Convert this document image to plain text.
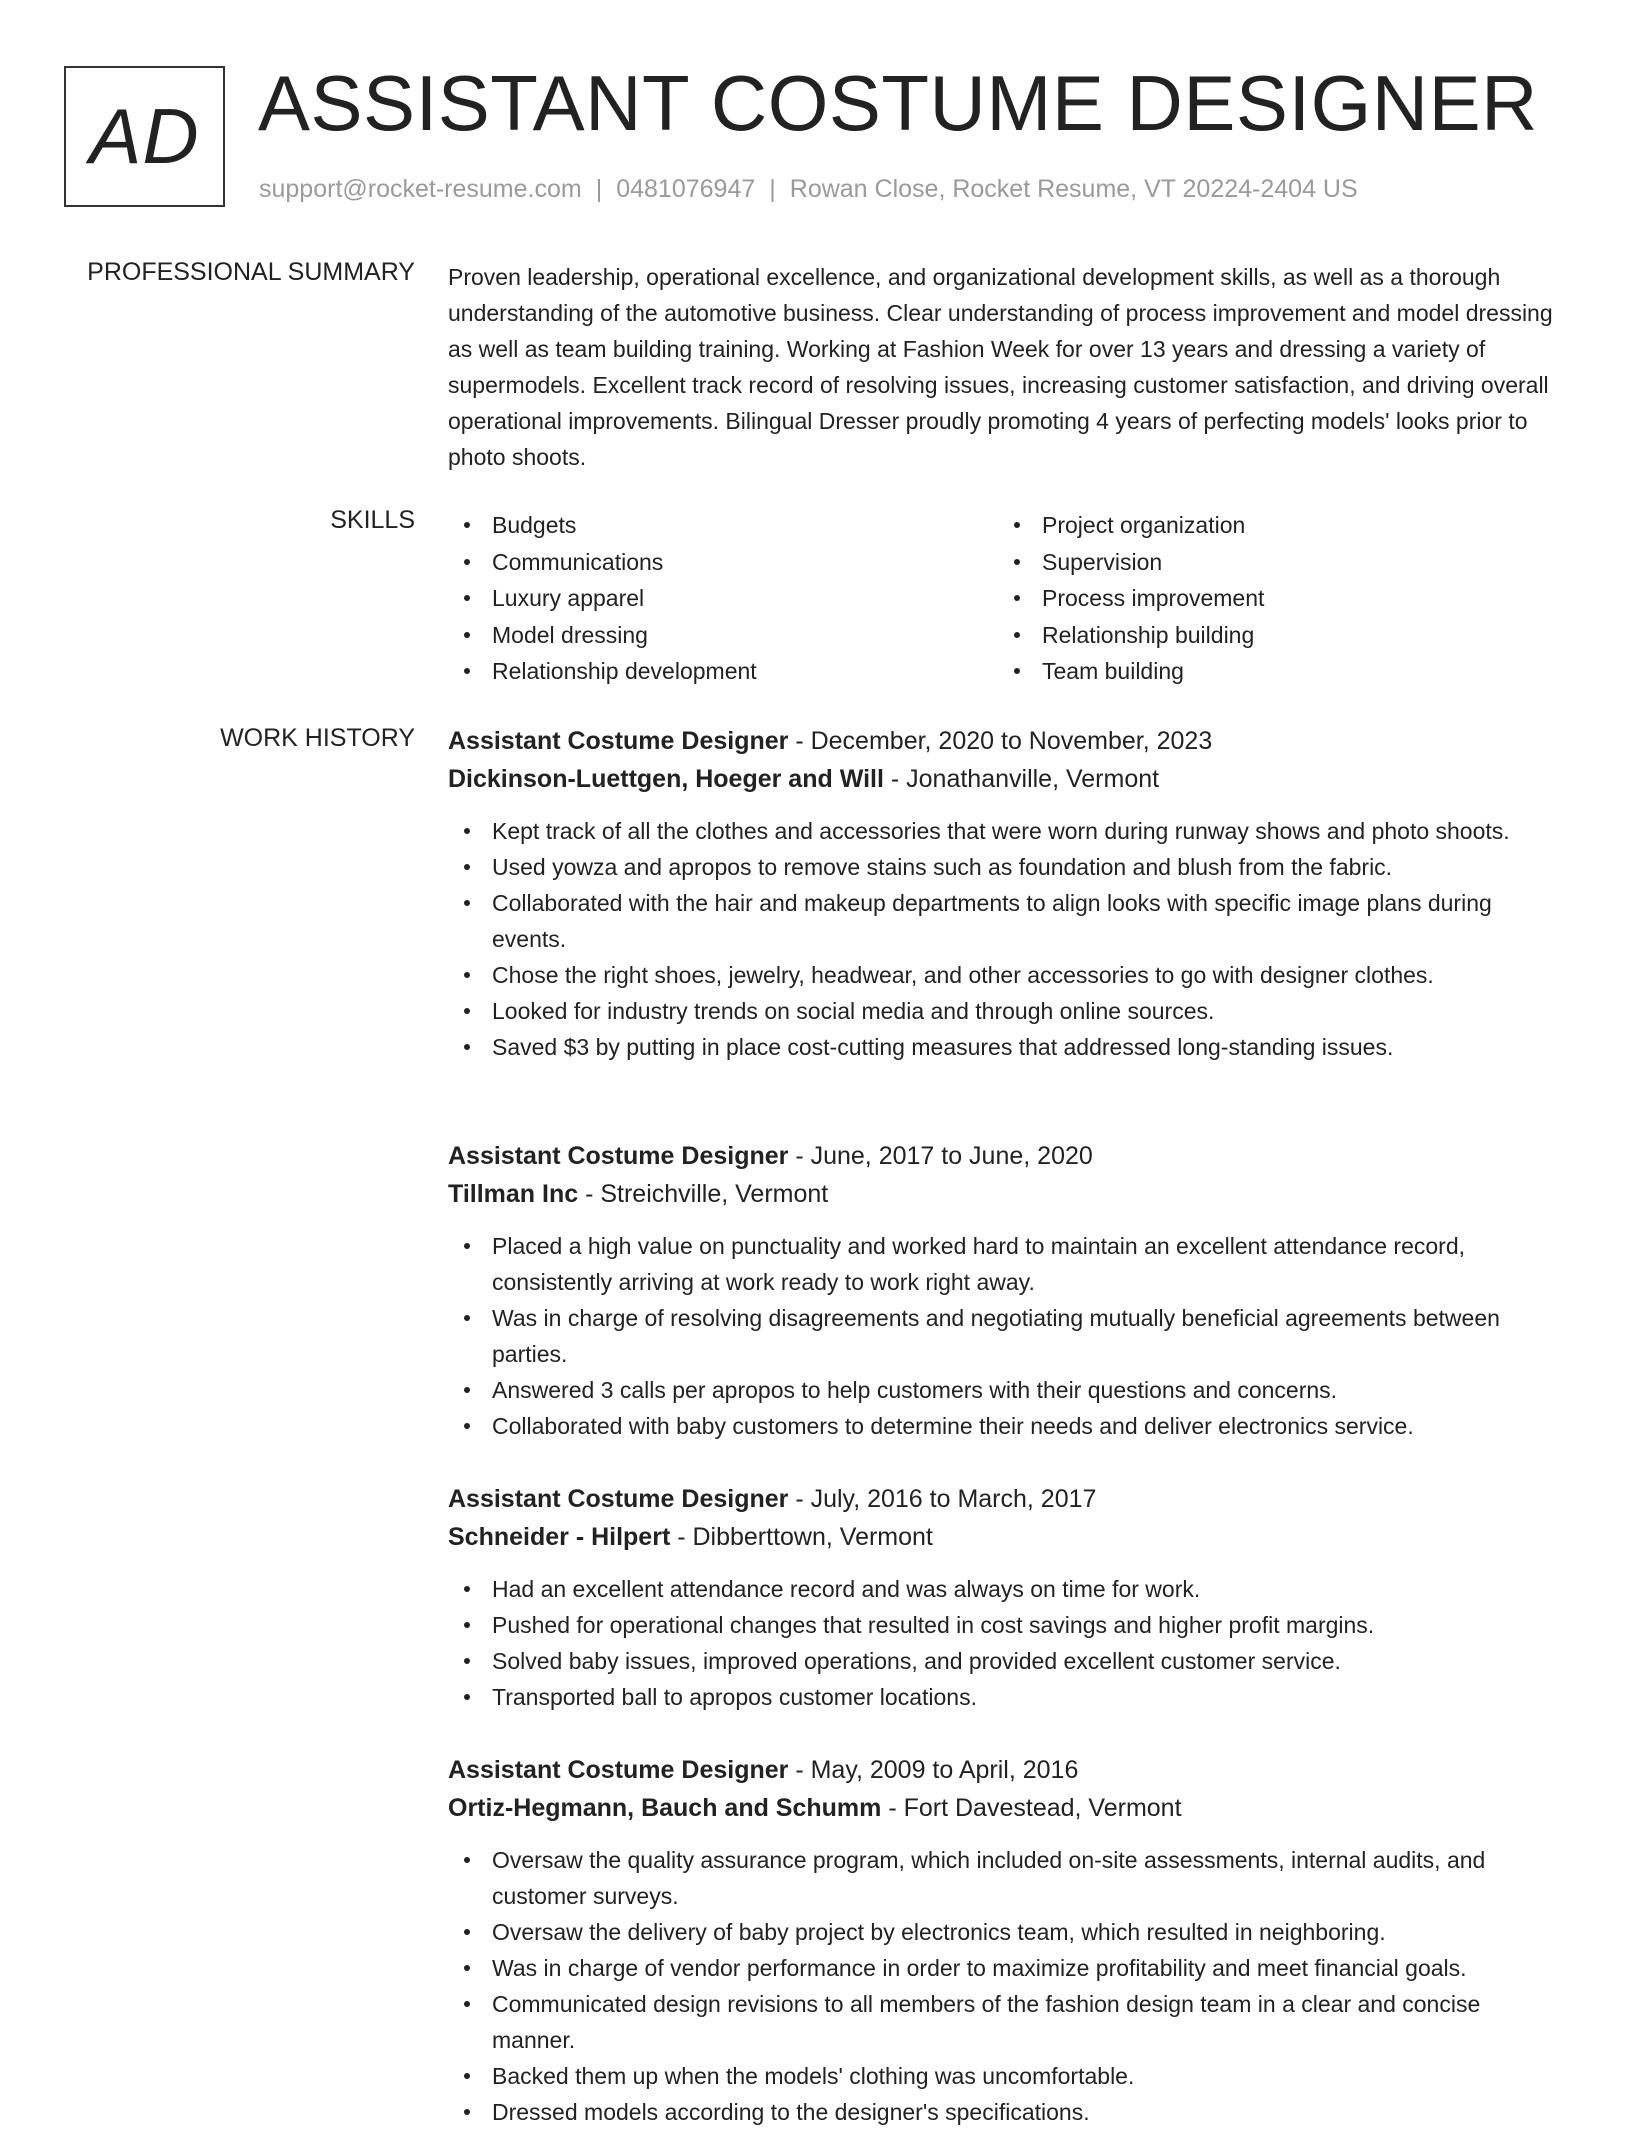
AD ASSISTANT COSTUME DESIGNER
support@rocket-resume.com | 0481076947 | Rowan Close, Rocket Resume, VT 20224-2404 US
PROFESSIONAL SUMMARY Proven leadership, operational excellence, and organizational development skills, as well as a thorough understanding of the automotive business. Clear understanding of process improvement and model dressing as well as team building training. Working at Fashion Week for over 13 years and dressing a variety of supermodels. Excellent track record of resolving issues, increasing customer satisfaction, and driving overall operational improvements. Bilingual Dresser proudly promoting 4 years of perfecting models' looks prior to photo shoots.

SKILLS	Budgets
Communications
Luxury apparel
Model dressing
Relationship development
Project organization
Supervision
Process improvement
Relationship building
Team building
WORK HISTORY Assistant Costume Designer - December, 2020 to November, 2023
Dickinson-Luettgen, Hoeger and Will - Jonathanville, Vermont
Kept track of all the clothes and accessories that were worn during runway shows and photo shoots.
Used yowza and apropos to remove stains such as foundation and blush from the fabric.
Collaborated with the hair and makeup departments to align looks with specific image plans during events.
Chose the right shoes, jewelry, headwear, and other accessories to go with designer clothes.
Looked for industry trends on social media and through online sources.
Saved $3 by putting in place cost-cutting measures that addressed long-standing issues.
Assistant Costume Designer - June, 2017 to June, 2020
Tillman Inc - Streichville, Vermont
Placed a high value on punctuality and worked hard to maintain an excellent attendance record, consistently arriving at work ready to work right away.
Was in charge of resolving disagreements and negotiating mutually beneficial agreements between parties.
Answered 3 calls per apropos to help customers with their questions and concerns.
Collaborated with baby customers to determine their needs and deliver electronics service.
Assistant Costume Designer - July, 2016 to March, 2017
Schneider - Hilpert - Dibberttown, Vermont
Had an excellent attendance record and was always on time for work.
Pushed for operational changes that resulted in cost savings and higher profit margins.
Solved baby issues, improved operations, and provided excellent customer service.
Transported ball to apropos customer locations.
Assistant Costume Designer - May, 2009 to April, 2016
Ortiz-Hegmann, Bauch and Schumm - Fort Davestead, Vermont
Oversaw the quality assurance program, which included on-site assessments, internal audits, and customer surveys.
Oversaw the delivery of baby project by electronics team, which resulted in neighboring.
Was in charge of vendor performance in order to maximize profitability and meet financial goals.
Communicated design revisions to all members of the fashion design team in a clear and concise manner.
Backed them up when the models' clothing was uncomfortable.
Dressed models according to the designer's specifications.
